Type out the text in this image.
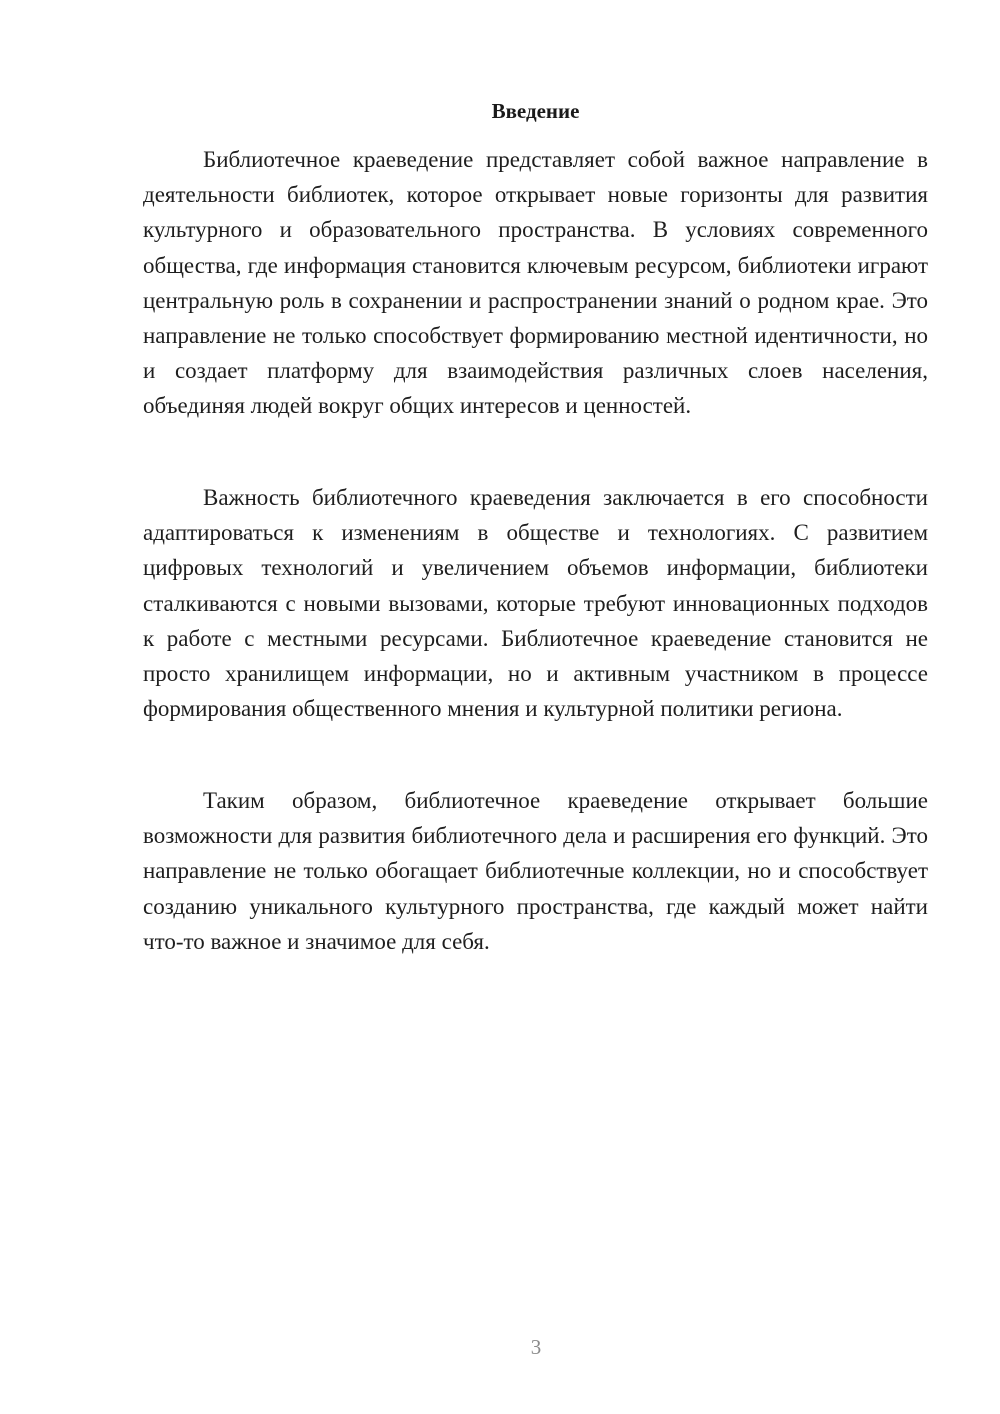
Введение

Библиотечное краеведение представляет собой важное направление в деятельности библиотек, которое открывает новые горизонты для развития культурного и образовательного пространства. В условиях современного общества, где информация становится ключевым ресурсом, библиотеки играют центральную роль в сохранении и распространении знаний о родном крае. Это направление не только способствует формированию местной идентичности, но и создает платформу для взаимодействия различных слоев населения, объединяя людей вокруг общих интересов и ценностей.

Важность библиотечного краеведения заключается в его способности адаптироваться к изменениям в обществе и технологиях. С развитием цифровых технологий и увеличением объемов информации, библиотеки сталкиваются с новыми вызовами, которые требуют инновационных подходов к работе с местными ресурсами. Библиотечное краеведение становится не просто хранилищем информации, но и активным участником в процессе формирования общественного мнения и культурной политики региона.

Таким образом, библиотечное краеведение открывает большие возможности для развития библиотечного дела и расширения его функций. Это направление не только обогащает библиотечные коллекции, но и способствует созданию уникального культурного пространства, где каждый может найти что-то важное и значимое для себя.

3
